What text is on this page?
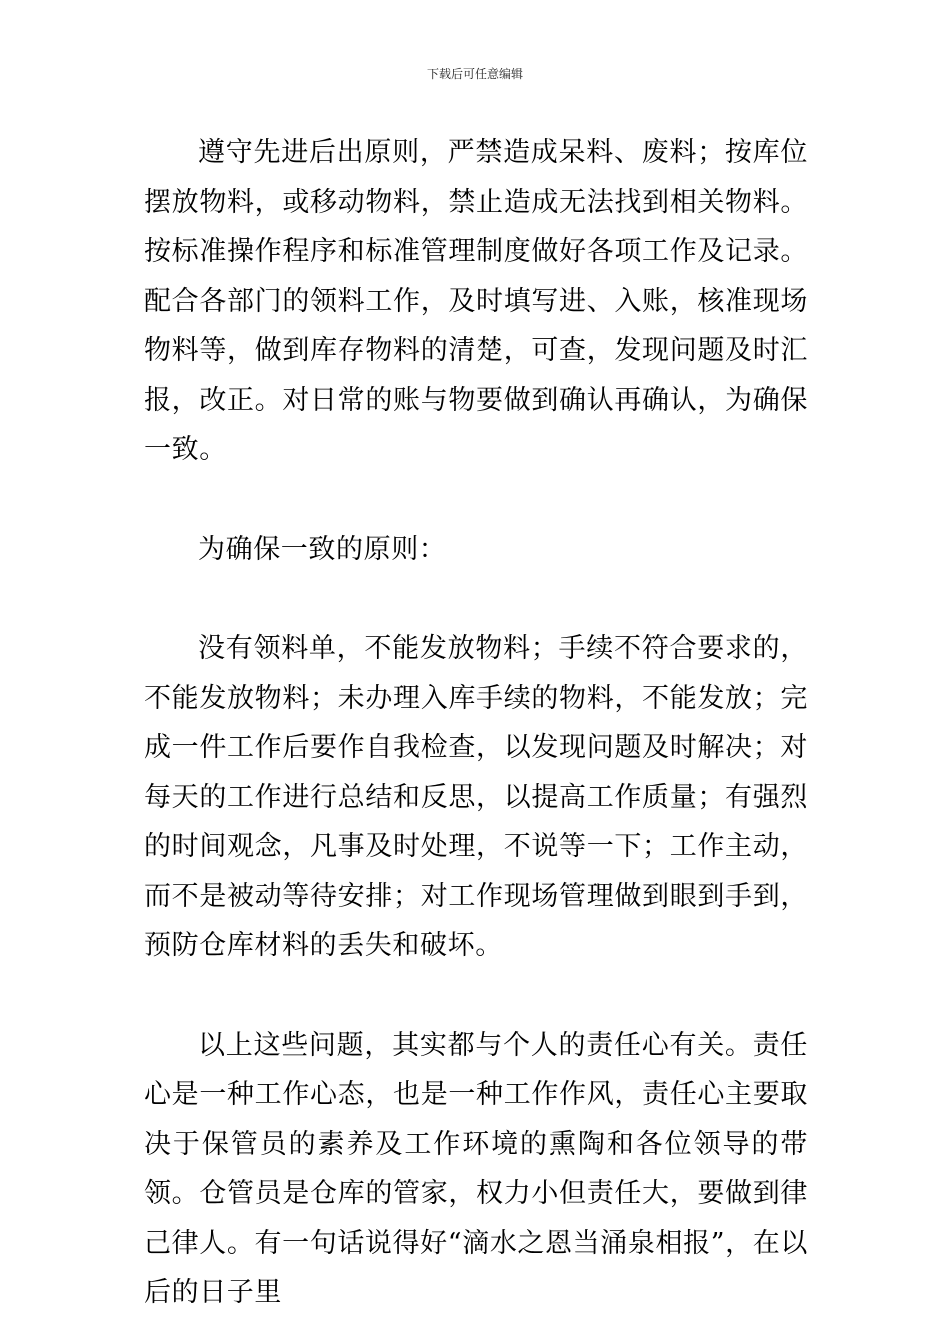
下载后可任意编辑

遵守先进后出原则，严禁造成呆料、废料；按库位摆放物料，或移动物料，禁止造成无法找到相关物料。按标准操作程序和标准管理制度做好各项工作及记录。配合各部门的领料工作，及时填写进、入账，核准现场物料等，做到库存物料的清楚，可查，发现问题及时汇报，改正。对日常的账与物要做到确认再确认，为确保一致。

为确保一致的原则：

没有领料单，不能发放物料；手续不符合要求的，不能发放物料；未办理入库手续的物料，不能发放；完成一件工作后要作自我检查，以发现问题及时解决；对每天的工作进行总结和反思，以提高工作质量；有强烈的时间观念，凡事及时处理，不说等一下；工作主动，而不是被动等待安排；对工作现场管理做到眼到手到，预防仓库材料的丢失和破坏。

以上这些问题，其实都与个人的责任心有关。责任心是一种工作心态，也是一种工作作风，责任心主要取决于保管员的素养及工作环境的熏陶和各位领导的带领。仓管员是仓库的管家，权力小但责任大，要做到律己律人。有一句话说得好“滴水之恩当涌泉相报”，在以后的日子里
